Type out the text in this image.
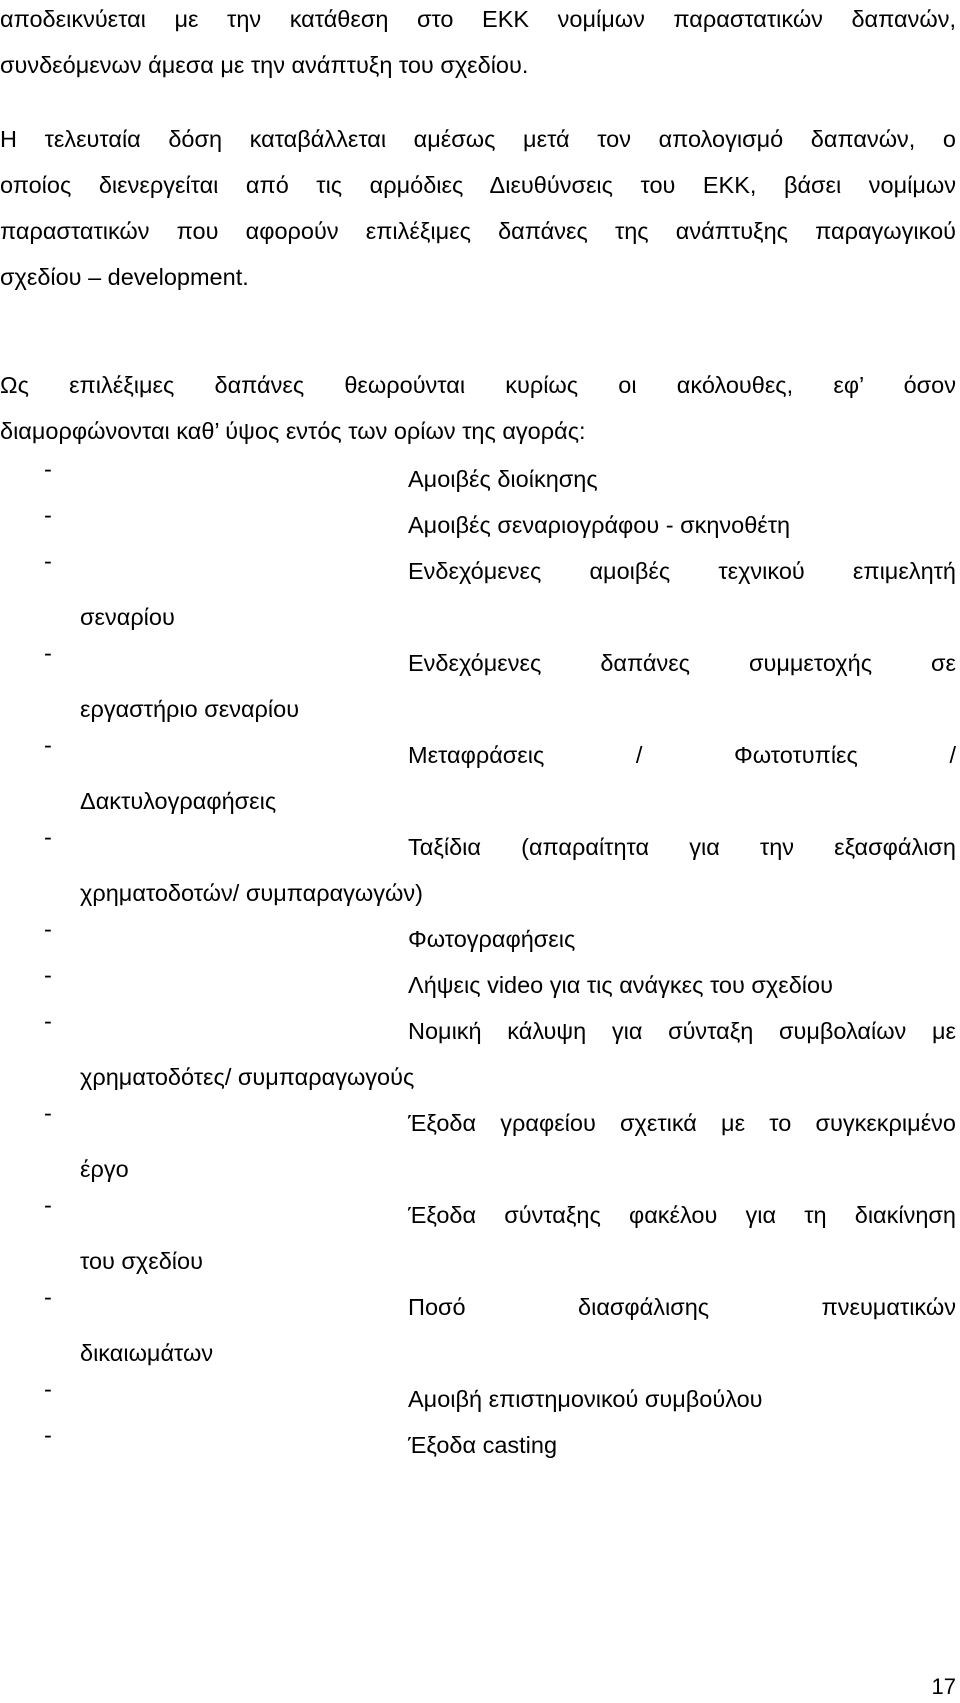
αποδεικνύεται με την κατάθεση στο ΕΚΚ νομίμων παραστατικών δαπανών,
συνδεόμενων άμεσα με την ανάπτυξη του σχεδίου.
Η τελευταία δόση καταβάλλεται αμέσως μετά τον απολογισμό δαπανών, ο
οποίος διενεργείται από τις αρμόδιες Διευθύνσεις του ΕΚΚ, βάσει νομίμων
παραστατικών που αφορούν επιλέξιμες δαπάνες της ανάπτυξης παραγωγικού
σχεδίου – development.
Ως επιλέξιμες δαπάνες θεωρούνται κυρίως οι ακόλουθες, εφ’ όσον
διαμορφώνονται καθ’ ύψος εντός των ορίων της αγοράς:
-	Αμοιβές διοίκησης
-	Αμοιβές σεναριογράφου - σκηνοθέτη
-	Ενδεχόμενες αμοιβές τεχνικού επιμελητή
σεναρίου
-	Ενδεχόμενες δαπάνες συμμετοχής σε
εργαστήριο σεναρίου
-	Μεταφράσεις / Φωτοτυπίες /
Δακτυλογραφήσεις
-	Ταξίδια (απαραίτητα για την εξασφάλιση
χρηματοδοτών/ συμπαραγωγών)
-	Φωτογραφήσεις
-	Λήψεις video για τις ανάγκες του σχεδίου
-	Νομική κάλυψη για σύνταξη συμβολαίων με
χρηματοδότες/ συμπαραγωγούς
-	Έξοδα γραφείου σχετικά με το συγκεκριμένο
έργο
-	Έξοδα σύνταξης φακέλου για τη διακίνηση
του σχεδίου
-	Ποσό διασφάλισης πνευματικών
δικαιωμάτων
-	Αμοιβή επιστημονικού συμβούλου
-	Έξοδα casting
17
